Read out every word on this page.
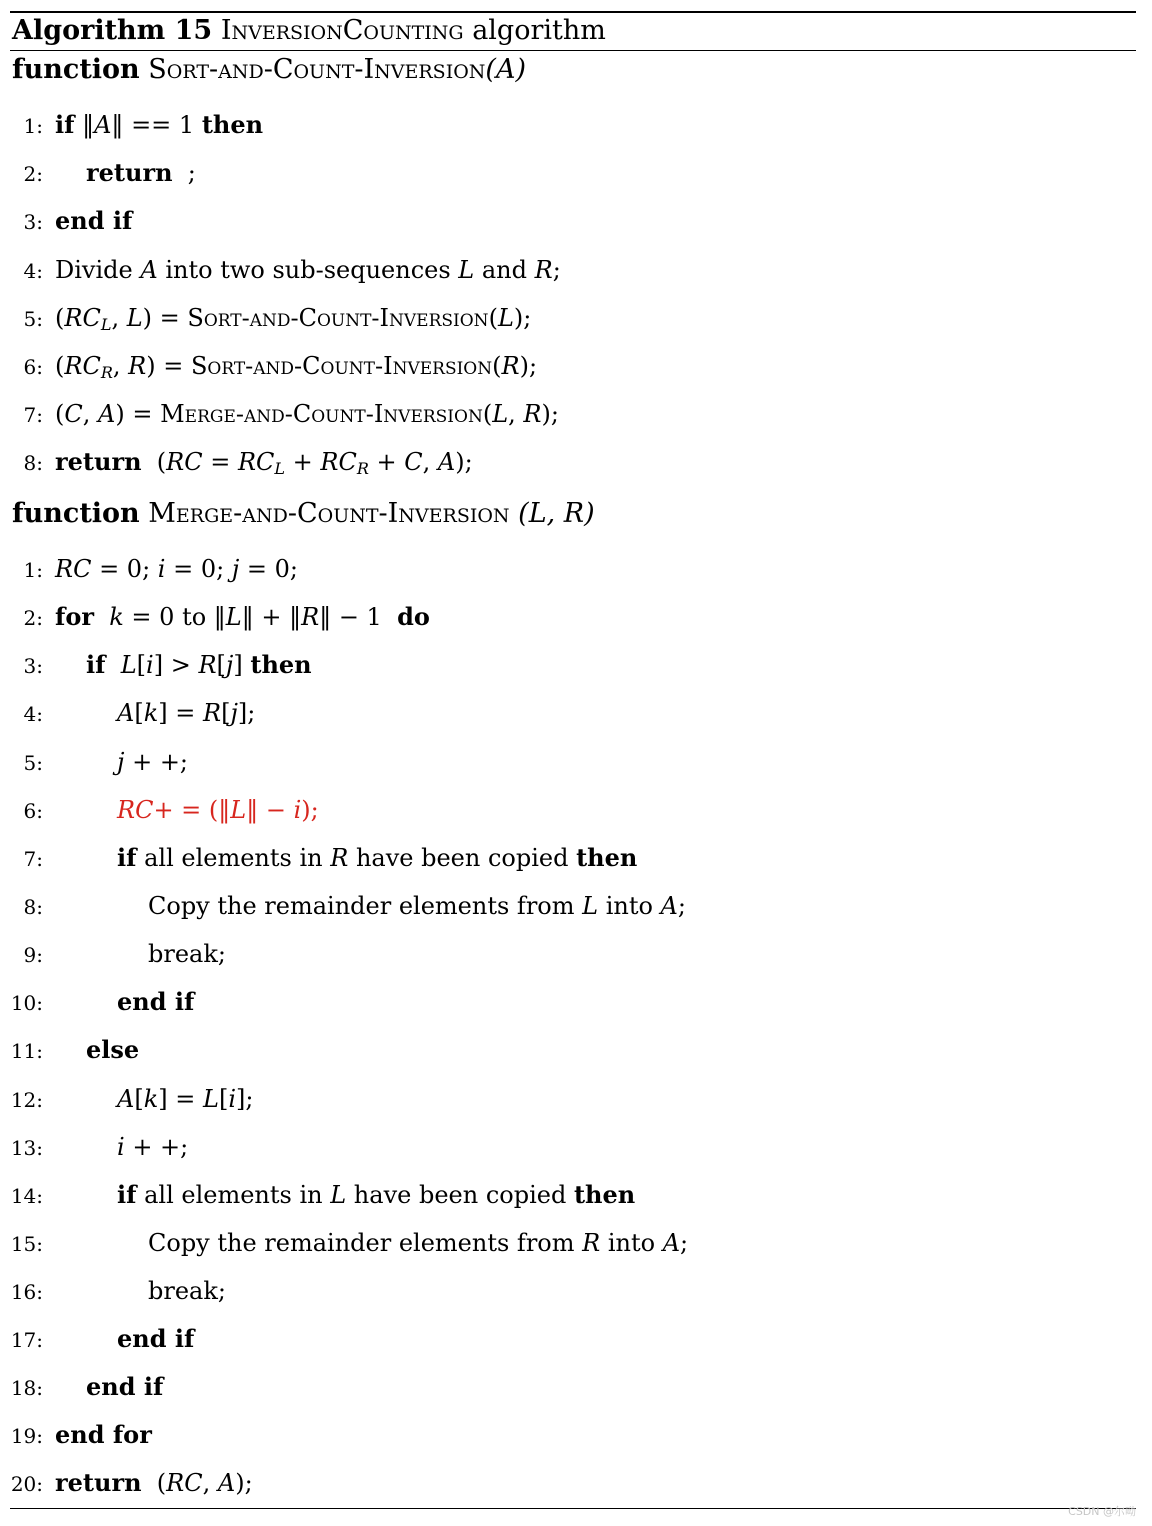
Algorithm 15 InversionCounting algorithm
function Sort-and-Count-Inversion(A)
1: if ‖A‖ == 1 then
2: return  ;
3: end if
4: Divide A into two sub-sequences L and R;
5: ($RC_L$, L) = Sort-and-Count-Inversion(L);
6: ($RC_R$, R) = Sort-and-Count-Inversion(R);
7: (C, A) = Merge-and-Count-Inversion(L, R);
8: return  ($RC = RC_L + RC_R + C$, A);
function Merge-and-Count-Inversion (L, R)
1: RC = 0; i = 0; j = 0;
2: for k = 0 to ‖L‖ + ‖R‖ − 1  do
3: if L[i] > R[j] then
4:	A[k] = R[j];
5:	j + +;
6:	RC+ = (‖L‖ − i);
7:	if all elements in R have been copied then
8:	Copy the remainder elements from L into A;
9:	break;
10:	end if
11: else
12:	A[k] = L[i];
13:	i + +;
14:	if all elements in L have been copied then
15:	Copy the remainder elements from R into A;
16:	break;
17:	end if
18: end if
19: end for
20: return  (RC, A);
CSDN @尔呦
